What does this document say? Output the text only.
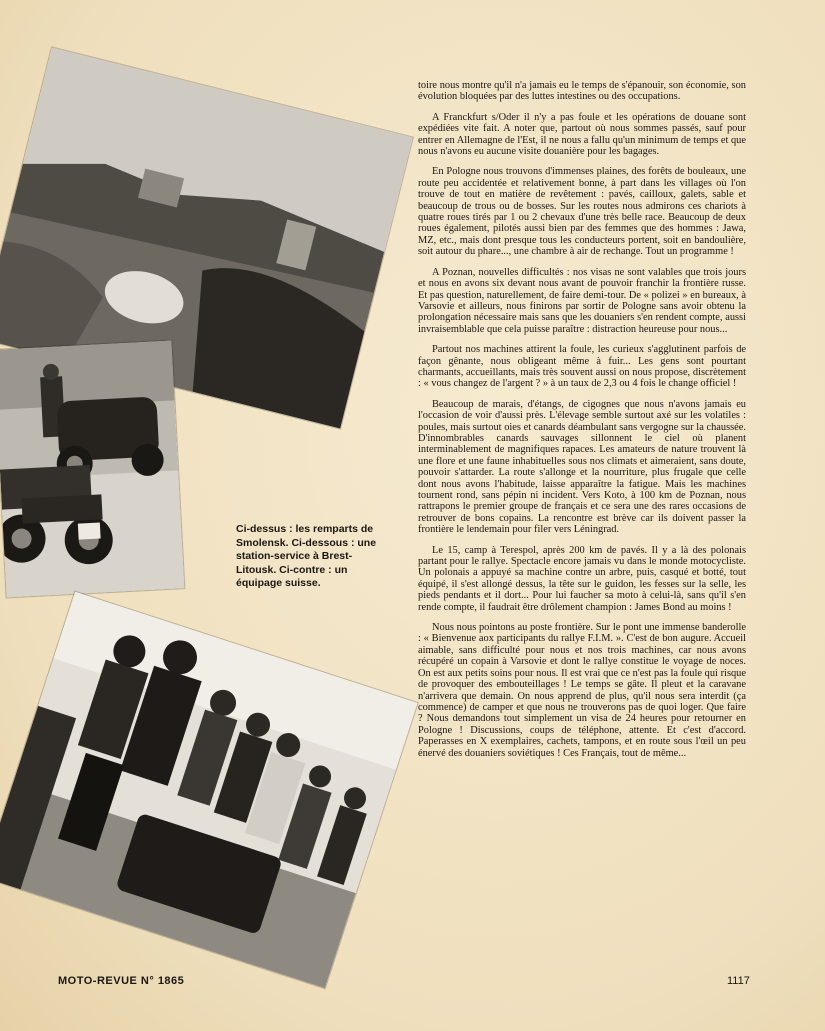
Ci-dessus : les remparts de Smolensk. Ci-dessous : une station-service à Brest-Litousk. Ci-contre : un équipage suisse.

toire nous montre qu'il n'a jamais eu le temps de s'épanouir, son économie, son évolution bloquées par des luttes intestines ou des occupations.

A Franckfurt s/Oder il n'y a pas foule et les opérations de douane sont expédiées vite fait. A noter que, partout où nous sommes passés, sauf pour entrer en Allemagne de l'Est, il ne nous a fallu qu'un minimum de temps et que nous n'avons eu aucune visite douanière pour les bagages.

En Pologne nous trouvons d'immenses plaines, des forêts de bouleaux, une route peu accidentée et relativement bonne, à part dans les villages où l'on trouve de tout en matière de revêtement : pavés, cailloux, galets, sable et beaucoup de trous ou de bosses. Sur les routes nous admirons ces chariots à quatre roues tirés par 1 ou 2 chevaux d'une très belle race. Beaucoup de deux roues également, pilotés aussi bien par des femmes que des hommes : Jawa, MZ, etc., mais dont presque tous les conducteurs portent, soit en bandoulière, soit autour du phare..., une chambre à air de rechange. Tout un programme !

A Poznan, nouvelles difficultés : nos visas ne sont valables que trois jours et nous en avons six devant nous avant de pouvoir franchir la frontière russe. Et pas question, naturellement, de faire demi-tour. De « polizei » en bureaux, à Varsovie et ailleurs, nous finirons par sortir de Pologne sans avoir obtenu la prolongation nécessaire mais sans que les douaniers s'en rendent compte, aussi invraisemblable que cela puisse paraître : distraction heureuse pour nous...

Partout nos machines attirent la foule, les curieux s'agglutinent parfois de façon gênante, nous obligeant même à fuir... Les gens sont pourtant charmants, accueillants, mais très souvent aussi on nous propose, discrètement : « vous changez de l'argent ? » à un taux de 2,3 ou 4 fois le change officiel !

Beaucoup de marais, d'étangs, de cigognes que nous n'avons jamais eu l'occasion de voir d'aussi près. L'élevage semble surtout axé sur les volatiles : poules, mais surtout oies et canards déambulant sans vergogne sur la chaussée. D'innombrables canards sauvages sillonnent le ciel où planent interminablement de magnifiques rapaces. Les amateurs de nature trouvent là une flore et une faune inhabituelles sous nos climats et aimeraient, sans doute, pouvoir s'attarder. La route s'allonge et la nourriture, plus frugale que celle dont nous avons l'habitude, laisse apparaître la fatigue. Mais les machines tournent rond, sans pépin ni incident. Vers Koto, à 100 km de Poznan, nous rattrapons le premier groupe de français et ce sera une des rares occasions de retrouver de bons copains. La rencontre est brève car ils doivent passer la frontière le lendemain pour filer vers Léningrad.

Le 15, camp à Terespol, après 200 km de pavés. Il y a là des polonais partant pour le rallye. Spectacle encore jamais vu dans le monde motocycliste. Un polonais a appuyé sa machine contre un arbre, puis, casqué et botté, tout équipé, il s'est allongé dessus, la tête sur le guidon, les fesses sur la selle, les pieds pendants et il dort... Pour lui faucher sa moto à celui-là, sans qu'il s'en rende compte, il faudrait être drôlement champion : James Bond au moins !

Nous nous pointons au poste frontière. Sur le pont une immense banderolle : « Bienvenue aox participants du rallye F.I.M. ». C'est de bon augure. Accueil aimable, sans difficulté pour nous et nos trois machines, car nous avons récupéré un copain à Varsovie et dont le rallye constitue le voyage de noces. On est aux petits soins pour nous. Il est vrai que ce n'est pas la foule qui risque de provoquer des embouteillages ! Le temps se gâte. Il pleut et la caravane n'arrivera que demain. On nous apprend de plus, qu'il nous sera interdit (ça commence) de camper et que nous ne trouverons pas de quoi loger. Que faire ? Nous demandons tout simplement un visa de 24 heures pour retourner en Pologne ! Discussions, coups de téléphone, attente. Et c'est d'accord. Paperasses en X exemplaires, cachets, tampons, et en route sous l'œil un peu énervé des douaniers soviétiques ! Ces Français, tout de même...

MOTO-REVUE N° 1865	1117
